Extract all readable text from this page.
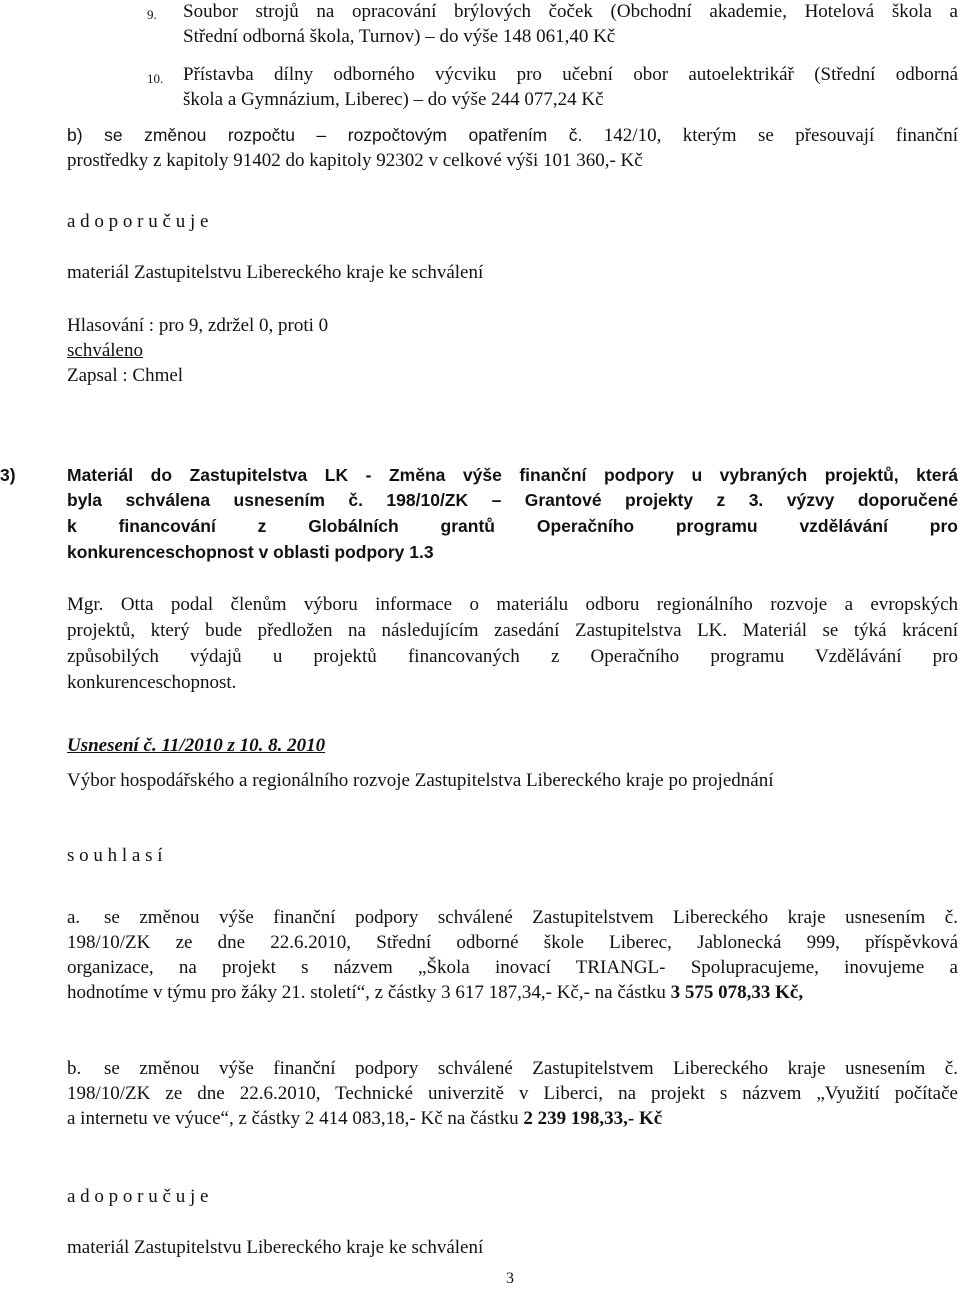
9. Soubor strojů na opracování brýlových čoček (Obchodní akademie, Hotelová škola a
Střední odborná škola, Turnov) – do výše 148 061,40 Kč
10. Přístavba dílny odborného výcviku pro učební obor autoelektrikář (Střední odborná
škola a Gymnázium, Liberec) – do výše 244 077,24 Kč
b) se změnou rozpočtu – rozpočtovým opatřením č. 142/10, kterým se přesouvají finanční
prostředky z kapitoly 91402 do kapitoly 92302 v celkové výši 101 360,- Kč
a d o p o r u č u j e
materiál Zastupitelstvu Libereckého kraje ke schválení
Hlasování : pro 9, zdržel 0, proti 0
schváleno
Zapsal : Chmel
3)	Materiál do Zastupitelstva LK - Změna výše finanční podpory u vybraných projektů, která
byla schválena usnesením č. 198/10/ZK – Grantové projekty z 3. výzvy doporučené
k financování z Globálních grantů Operačního programu vzdělávání pro
konkurenceschopnost v oblasti podpory 1.3
Mgr. Otta podal členům výboru informace o materiálu odboru regionálního rozvoje a evropských
projektů, který bude předložen na následujícím zasedání Zastupitelstva LK. Materiál se týká krácení
způsobilých výdajů u projektů financovaných z Operačního programu Vzdělávání pro
konkurenceschopnost.
Usnesení č. 11/2010 z 10. 8. 2010
Výbor hospodářského a regionálního rozvoje Zastupitelstva Libereckého kraje po projednání
s o u h l a s í
a.	se změnou výše finanční podpory schválené Zastupitelstvem Libereckého kraje usnesením č.
198/10/ZK ze dne 22.6.2010, Střední odborné škole Liberec, Jablonecká 999, příspěvková
organizace, na projekt s názvem „Škola inovací TRIANGL- Spolupracujeme, inovujeme a
hodnotíme v týmu pro žáky 21. století“, z částky 3 617 187,34,- Kč,- na částku 3 575 078,33 Kč,
b.	se změnou výše finanční podpory schválené Zastupitelstvem Libereckého kraje usnesením č.
198/10/ZK ze dne 22.6.2010, Technické univerzitě v Liberci, na projekt s názvem „Využití počítače
a internetu ve výuce“, z částky 2 414 083,18,- Kč na částku 2 239 198,33,- Kč
a d o p o r u č u j e
materiál Zastupitelstvu Libereckého kraje ke schválení
3
